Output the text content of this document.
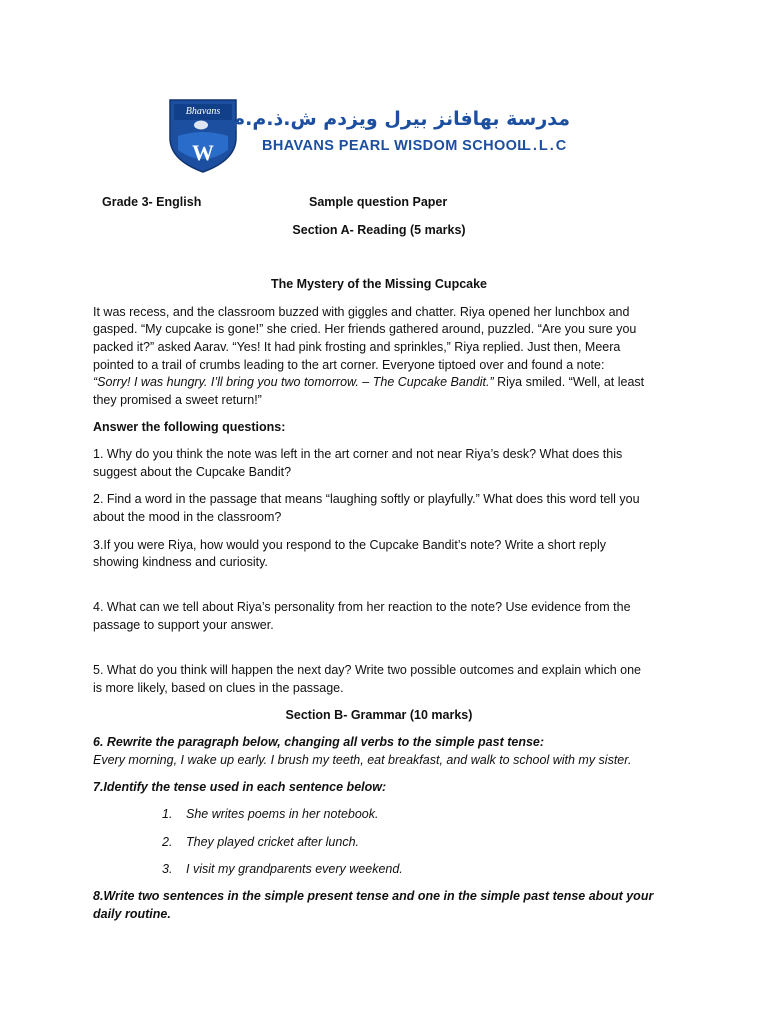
Bhavans
W
مدرسة بهافانز بيرل ويزدم ش.ذ.م.م
BHAVANS PEARL WISDOM SCHOOL
L.L.C
Grade 3- English	Sample question Paper
Section A- Reading (5 marks)
The Mystery of the Missing Cupcake
It was recess, and the classroom buzzed with giggles and chatter. Riya opened her lunchbox and
gasped. “My cupcake is gone!” she cried. Her friends gathered around, puzzled. “Are you sure you
packed it?” asked Aarav. “Yes! It had pink frosting and sprinkles,” Riya replied. Just then, Meera
pointed to a trail of crumbs leading to the art corner. Everyone tiptoed over and found a note:
“Sorry! I was hungry. I’ll bring you two tomorrow. – The Cupcake Bandit.” Riya smiled. “Well, at least
they promised a sweet return!”
Answer the following questions:
1. Why do you think the note was left in the art corner and not near Riya’s desk? What does this
suggest about the Cupcake Bandit?
2. Find a word in the passage that means “laughing softly or playfully.” What does this word tell you
about the mood in the classroom?
3.If you were Riya, how would you respond to the Cupcake Bandit’s note? Write a short reply
showing kindness and curiosity.
4. What can we tell about Riya’s personality from her reaction to the note? Use evidence from the
passage to support your answer.
5. What do you think will happen the next day? Write two possible outcomes and explain which one
is more likely, based on clues in the passage.
Section B- Grammar (10 marks)
6. Rewrite the paragraph below, changing all verbs to the simple past tense:
Every morning, I wake up early. I brush my teeth, eat breakfast, and walk to school with my sister.
7.Identify the tense used in each sentence below:
1. She writes poems in her notebook.
2. They played cricket after lunch.
3. I visit my grandparents every weekend.
8.Write two sentences in the simple present tense and one in the simple past tense about your
daily routine.
